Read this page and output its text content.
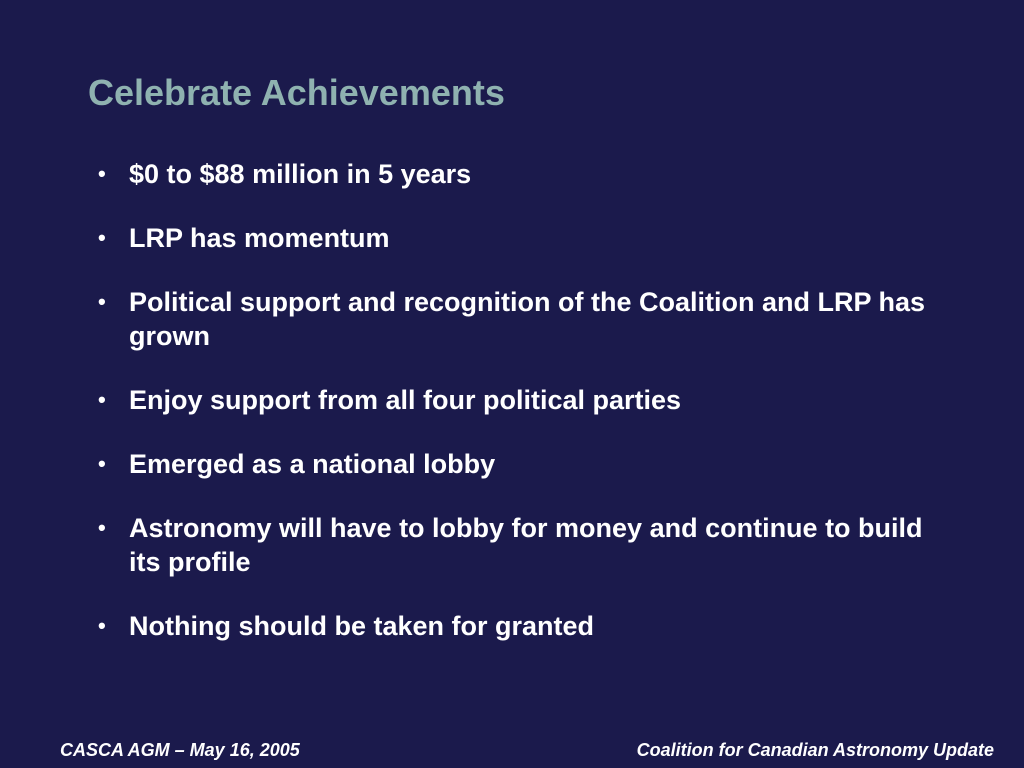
Celebrate Achievements
• $0 to $88 million in 5 years
• LRP has momentum
• Political support and recognition of the Coalition and LRP has grown
• Enjoy support from all four political parties
• Emerged as a national lobby
• Astronomy will have to lobby for money and continue to build its profile
• Nothing should be taken for granted
CASCA AGM – May 16, 2005	Coalition for Canadian Astronomy Update
